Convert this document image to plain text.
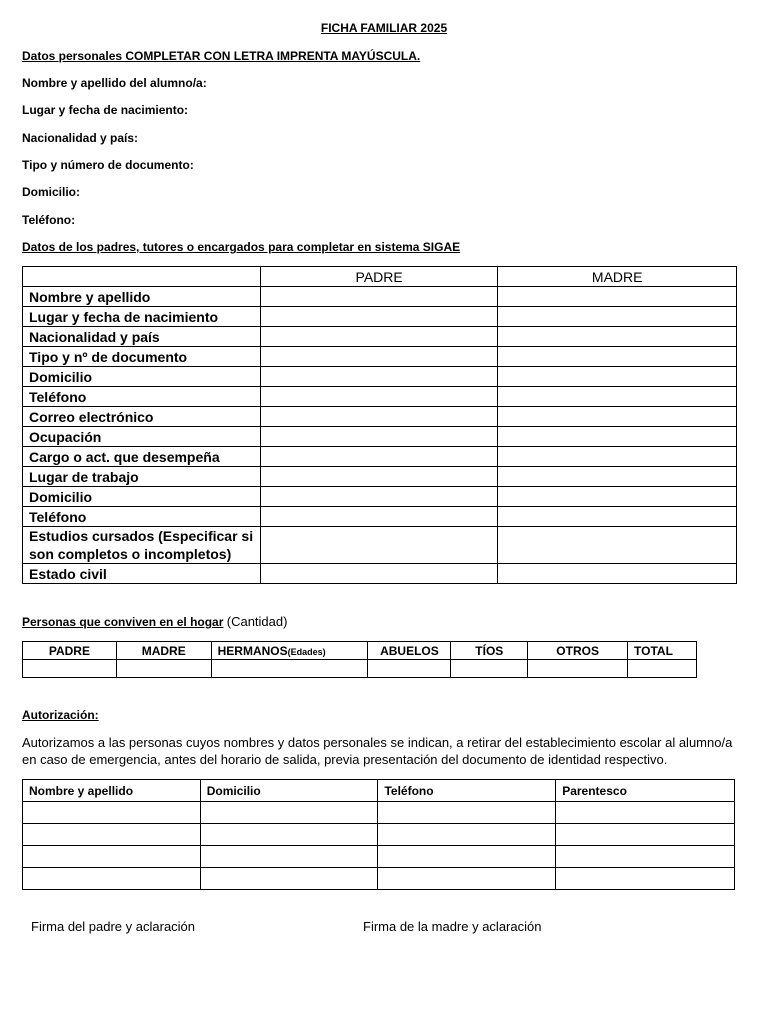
FICHA FAMILIAR 2025
Datos personales COMPLETAR CON LETRA IMPRENTA MAYÚSCULA.
Nombre y apellido del alumno/a:
Lugar y fecha de nacimiento:
Nacionalidad y país:
Tipo y número de documento:
Domicilio:
Teléfono:
Datos de los padres, tutores o encargados para completar en sistema SIGAE
	PADRE	MADRE
Nombre y apellido		
Lugar y fecha de nacimiento		
Nacionalidad y país		
Tipo y nº de documento		
Domicilio		
Teléfono		
Correo electrónico		
Ocupación		
Cargo o act. que desempeña		
Lugar de trabajo		
Domicilio		
Teléfono		
Estudios cursados (Especificar si son completos o incompletos)		
Estado civil		
Personas que conviven en el hogar (Cantidad)
PADRE	MADRE	HERMANOS(Edades)	ABUELOS	TÍOS	OTROS	TOTAL

Autorización:
Autorizamos a las personas cuyos nombres y datos personales se indican, a retirar del establecimiento escolar al alumno/a en caso de emergencia, antes del horario de salida, previa presentación del documento de identidad respectivo.
Nombre y apellido	Domicilio	Teléfono	Parentesco

Firma del padre y aclaración	Firma de la madre y aclaración
